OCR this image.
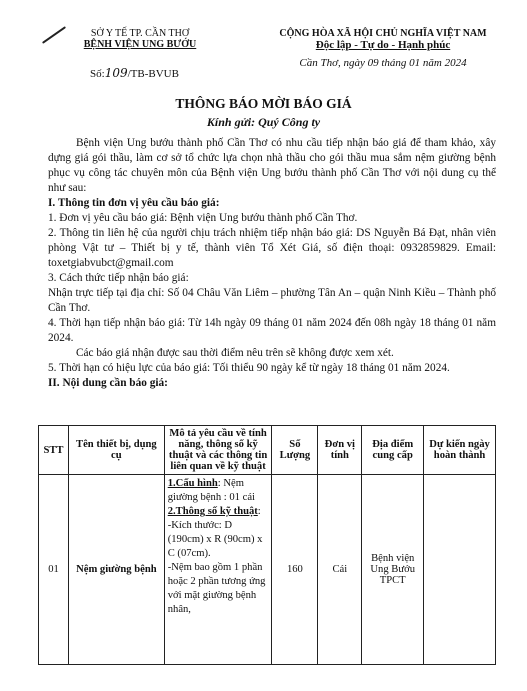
SỞ Y TẾ TP. CẦN THƠ
BỆNH VIỆN UNG BƯỚU
Số:109/TB-BVUB
CỘNG HÒA XÃ HỘI CHỦ NGHĨA VIỆT NAM
Độc lập - Tự do - Hạnh phúc
Cần Thơ, ngày 09 tháng 01 năm 2024
THÔNG BÁO MỜI BÁO GIÁ
Kính gửi: Quý Công ty
Bệnh viện Ung bướu thành phố Cần Thơ có nhu cầu tiếp nhận báo giá để tham khảo, xây dựng giá gói thầu, làm cơ sở tổ chức lựa chọn nhà thầu cho gói thầu mua sắm nệm giường bệnh phục vụ công tác chuyên môn của Bệnh viện Ung bướu thành phố Cần Thơ với nội dung cụ thể như sau:
I. Thông tin đơn vị yêu cầu báo giá:
1. Đơn vị yêu cầu báo giá: Bệnh viện Ung bướu thành phố Cần Thơ.
2. Thông tin liên hệ của người chịu trách nhiệm tiếp nhận báo giá: DS Nguyễn Bá Đạt, nhân viên phòng Vật tư – Thiết bị y tế, thành viên Tổ Xét Giá, số điện thoại: 0932859829. Email: toxetgiabvubct@gmail.com
3. Cách thức tiếp nhận báo giá:
Nhận trực tiếp tại địa chỉ: Số 04 Châu Văn Liêm – phường Tân An – quận Ninh Kiều – Thành phố Cần Thơ.
4. Thời hạn tiếp nhận báo giá: Từ 14h ngày 09 tháng 01 năm 2024 đến 08h ngày 18 tháng 01 năm 2024.
Các báo giá nhận được sau thời điểm nêu trên sẽ không được xem xét.
5. Thời hạn có hiệu lực của báo giá: Tối thiểu 90 ngày kể từ ngày 18 tháng 01 năm 2024.
II. Nội dung cần báo giá:
STT	Tên thiết bị, dụng cụ	Mô tả yêu cầu về tính năng, thông số kỹ thuật và các thông tin liên quan về kỹ thuật	Số Lượng	Đơn vị tính	Địa điểm cung cấp	Dự kiến ngày hoàn thành
01	Nệm giường bệnh	1.Cấu hình: Nệm giường bệnh : 01 cái
2.Thông số kỹ thuật:
-Kích thước: D (190cm) x R (90cm) x C (07cm).
-Nệm bao gồm 1 phần hoặc 2 phần tương ứng với mặt giường bệnh nhân,	160	Cái	Bệnh viện Ung Bướu TPCT	
